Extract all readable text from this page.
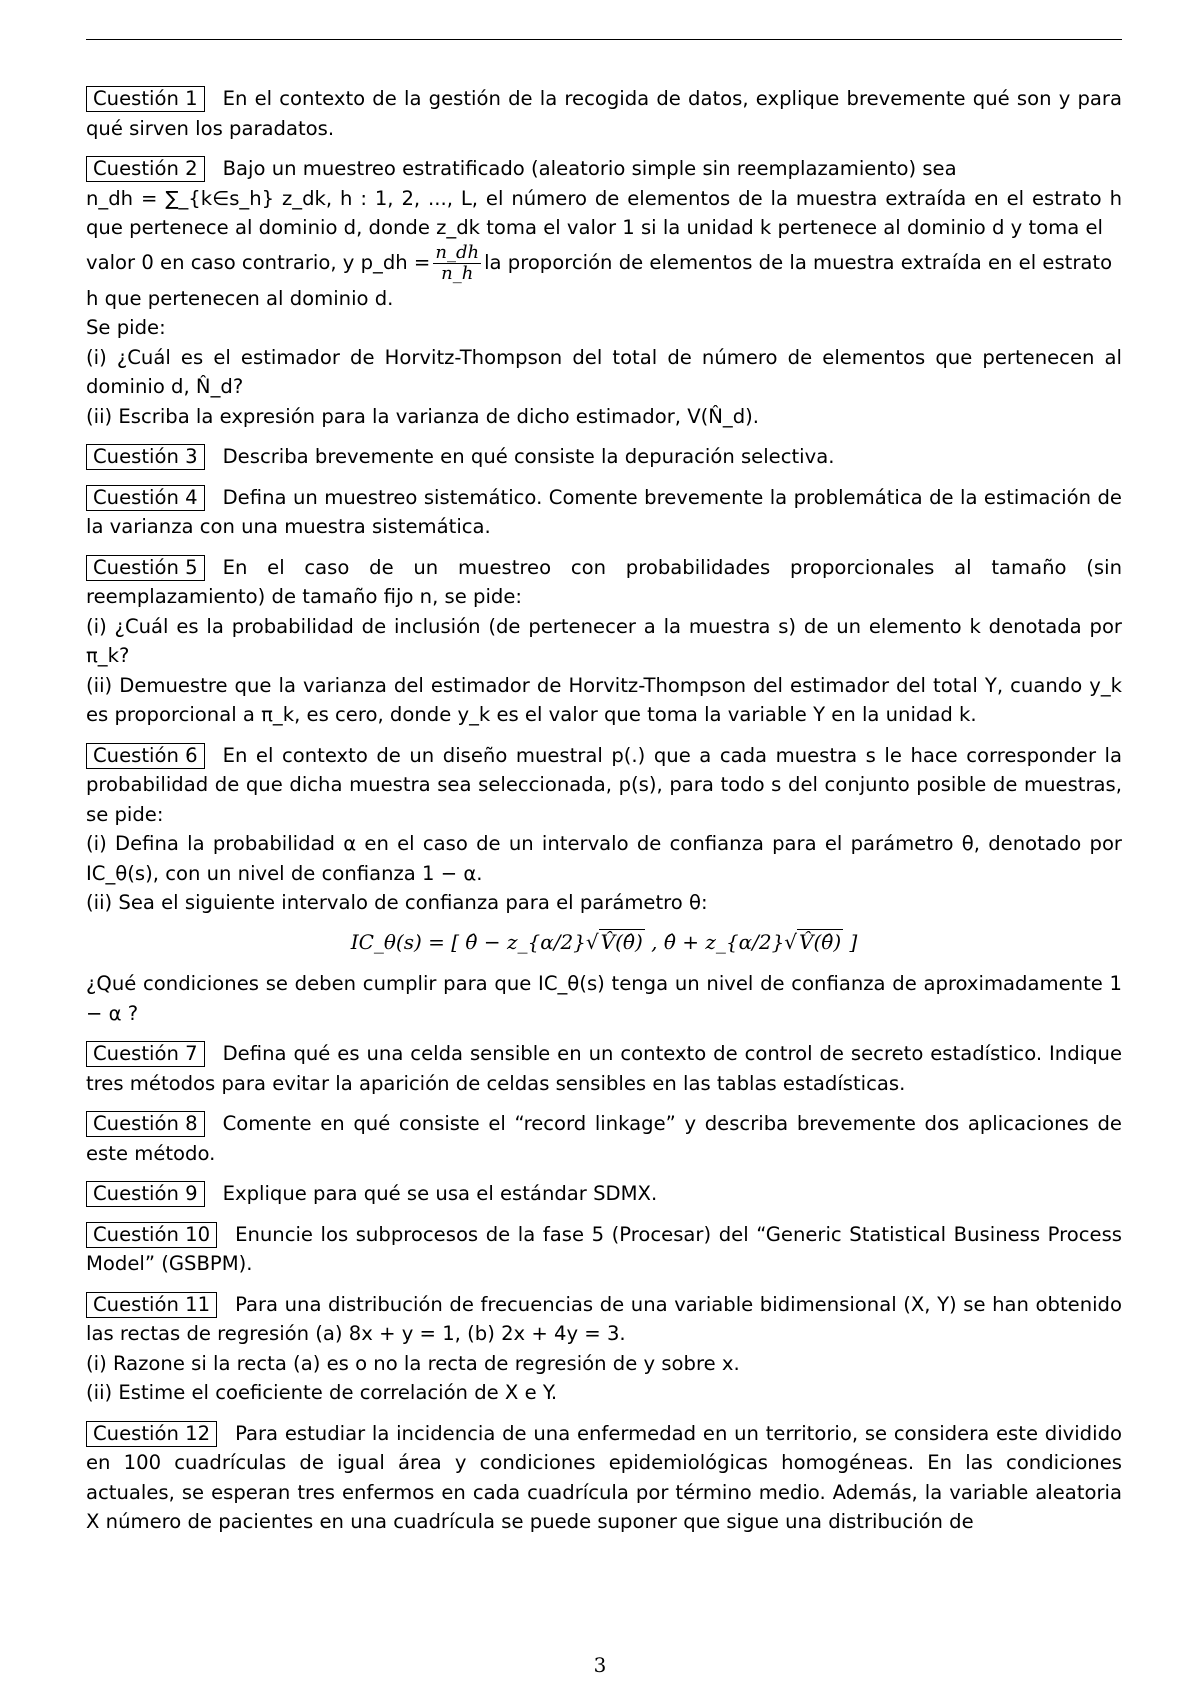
Cuestión 1 En el contexto de la gestión de la recogida de datos, explique brevemente qué son y para qué sirven los paradatos.

Cuestión 2 Bajo un muestreo estratificado (aleatorio simple sin reemplazamiento) sea

n_dh = ∑_{k∈s_h} z_dk, h : 1, 2, ..., L, el número de elementos de la muestra extraída en el estrato h que pertenece al dominio d, donde z_dk toma el valor 1 si la unidad k pertenece al dominio d y toma el

valor 0 en caso contrario, y p_dh = $\frac{n\_dh}{n\_h}$ la proporción de elementos de la muestra extraída en el estrato

h que pertenecen al dominio d.

Se pide:

(i) ¿Cuál es el estimador de Horvitz-Thompson del total de número de elementos que pertenecen al dominio d, N̂_d?

(ii) Escriba la expresión para la varianza de dicho estimador, V(N̂_d).

Cuestión 3 Describa brevemente en qué consiste la depuración selectiva.
Cuestión 4 Defina un muestreo sistemático. Comente brevemente la problemática de la estimación de la varianza con una muestra sistemática.

Cuestión 5 En el caso de un muestreo con probabilidades proporcionales al tamaño (sin reemplazamiento) de tamaño fijo n, se pide:

(i) ¿Cuál es la probabilidad de inclusión (de pertenecer a la muestra s) de un elemento k denotada por π_k?

(ii) Demuestre que la varianza del estimador de Horvitz-Thompson del estimador del total Y, cuando y_k es proporcional a π_k, es cero, donde y_k es el valor que toma la variable Y en la unidad k.

Cuestión 6 En el contexto de un diseño muestral p(.) que a cada muestra s le hace corresponder la probabilidad de que dicha muestra sea seleccionada, p(s), para todo s del conjunto posible de muestras, se pide:

(i) Defina la probabilidad α en el caso de un intervalo de confianza para el parámetro θ, denotado por IC_θ(s), con un nivel de confianza 1 − α.

(ii) Sea el siguiente intervalo de confianza para el parámetro θ:

IC_θ(s) = [ θ̂ − z_{α/2}√ V̂(θ̂) , θ̂ + z_{α/2}√ V̂(θ̂) ]

¿Qué condiciones se deben cumplir para que IC_θ(s) tenga un nivel de confianza de aproximadamente 1 − α ?

Cuestión 7 Defina qué es una celda sensible en un contexto de control de secreto estadístico. Indique tres métodos para evitar la aparición de celdas sensibles en las tablas estadísticas.
Cuestión 8 Comente en qué consiste el “record linkage” y describa brevemente dos aplicaciones de este método.
Cuestión 9 Explique para qué se usa el estándar SDMX.
Cuestión 10 Enuncie los subprocesos de la fase 5 (Procesar) del “Generic Statistical Business Process Model” (GSBPM).

Cuestión 11 Para una distribución de frecuencias de una variable bidimensional (X, Y) se han obtenido las rectas de regresión (a) 8x + y = 1, (b) 2x + 4y = 3.

(i) Razone si la recta (a) es o no la recta de regresión de y sobre x.

(ii) Estime el coeficiente de correlación de X e Y.

Cuestión 12 Para estudiar la incidencia de una enfermedad en un territorio, se considera este dividido en 100 cuadrículas de igual área y condiciones epidemiológicas homogéneas. En las condiciones actuales, se esperan tres enfermos en cada cuadrícula por término medio. Además, la variable aleatoria X número de pacientes en una cuadrícula se puede suponer que sigue una distribución de
3
